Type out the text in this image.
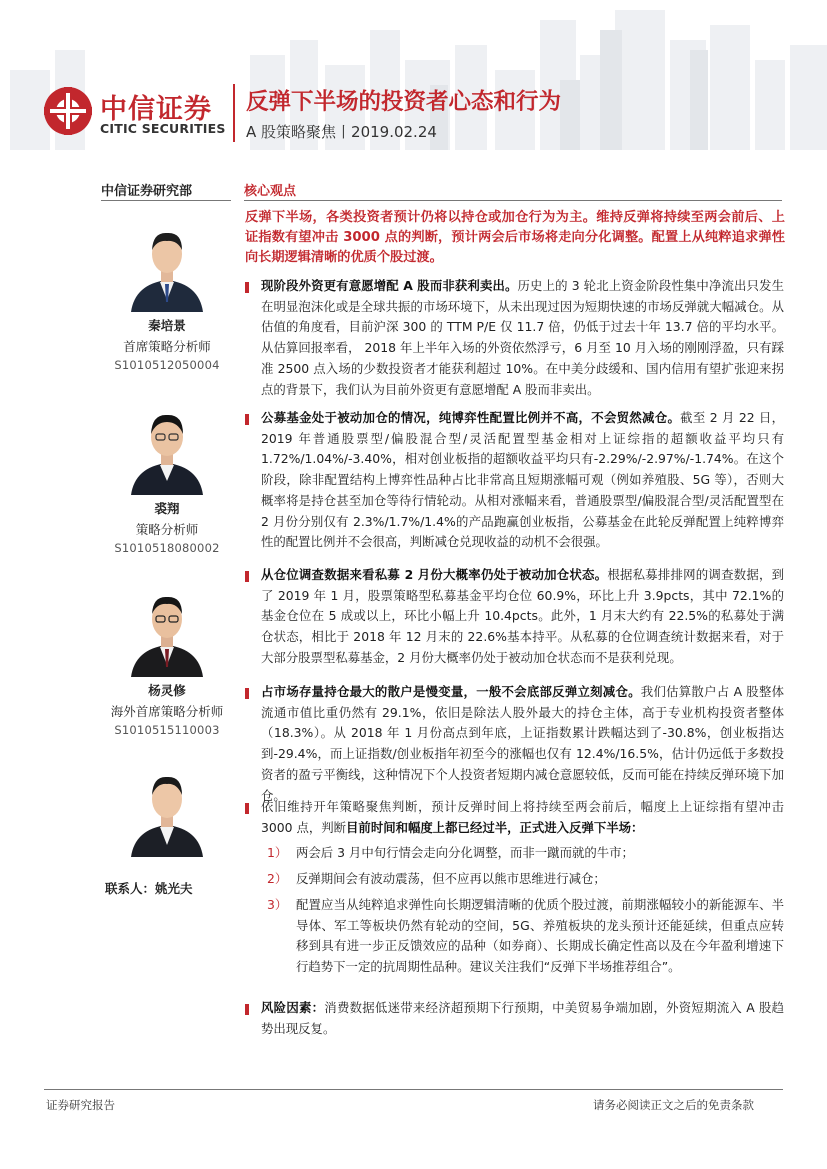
中信证券
CITIC SECURITIES
反弹下半场的投资者心态和行为
A 股策略聚焦丨2019.02.24
中信证券研究部	核心观点
秦培景
首席策略分析师
S1010512050004
裘翔
策略分析师
S1010518080002
杨灵修
海外首席策略分析师
S1010515110003
联系人：姚光夫
反弹下半场，各类投资者预计仍将以持仓或加仓行为为主。维持反弹将持续至两会前后、上证指数有望冲击 3000 点的判断，预计两会后市场将走向分化调整。配置上从纯粹追求弹性向长期逻辑清晰的优质个股过渡。
现阶段外资更有意愿增配 A 股而非获利卖出。历史上的 3 轮北上资金阶段性集中净流出只发生在明显泡沫化或是全球共振的市场环境下，从未出现过因为短期快速的市场反弹就大幅减仓。从估值的角度看，目前沪深 300 的 TTM P/E 仅 11.7 倍，仍低于过去十年 13.7 倍的平均水平。从估算回报率看， 2018 年上半年入场的外资依然浮亏，6 月至 10 月入场的刚刚浮盈，只有踩准 2500 点入场的少数投资者才能获利超过 10%。在中美分歧缓和、国内信用有望扩张迎来拐点的背景下，我们认为目前外资更有意愿增配 A 股而非卖出。
公募基金处于被动加仓的情况，纯博弈性配置比例并不高，不会贸然减仓。截至 2 月 22 日，2019 年普通股票型/偏股混合型/灵活配置型基金相对上证综指的超额收益平均只有 1.72%/1.04%/-3.40%，相对创业板指的超额收益平均只有-2.29%/-2.97%/-1.74%。在这个阶段，除非配置结构上博弈性品种占比非常高且短期涨幅可观（例如养殖股、5G 等），否则大概率将是持仓甚至加仓等待行情轮动。从相对涨幅来看，普通股票型/偏股混合型/灵活配置型在 2 月份分别仅有 2.3%/1.7%/1.4%的产品跑赢创业板指，公募基金在此轮反弹配置上纯粹博弈性的配置比例并不会很高，判断减仓兑现收益的动机不会很强。
从仓位调查数据来看私募 2 月份大概率仍处于被动加仓状态。根据私募排排网的调查数据，到了 2019 年 1 月，股票策略型私募基金平均仓位 60.9%，环比上升 3.9pcts，其中 72.1%的基金仓位在 5 成或以上，环比小幅上升 10.4pcts。此外，1 月末大约有 22.5%的私募处于满仓状态，相比于 2018 年 12 月末的 22.6%基本持平。从私募的仓位调查统计数据来看，对于大部分股票型私募基金，2 月份大概率仍处于被动加仓状态而不是获利兑现。
占市场存量持仓最大的散户是慢变量，一般不会底部反弹立刻减仓。我们估算散户占 A 股整体流通市值比重仍然有 29.1%，依旧是除法人股外最大的持仓主体，高于专业机构投资者整体（18.3%）。从 2018 年 1 月份高点到年底，上证指数累计跌幅达到了-30.8%，创业板指达到-29.4%，而上证指数/创业板指年初至今的涨幅也仅有 12.4%/16.5%，估计仍远低于多数投资者的盈亏平衡线，这种情况下个人投资者短期内减仓意愿较低，反而可能在持续反弹环境下加仓。
依旧维持开年策略聚焦判断，预计反弹时间上将持续至两会前后，幅度上上证综指有望冲击 3000 点，判断目前时间和幅度上都已经过半，正式进入反弹下半场：
1） 两会后 3 月中旬行情会走向分化调整，而非一蹴而就的牛市；
2） 反弹期间会有波动震荡，但不应再以熊市思维进行减仓；
3） 配置应当从纯粹追求弹性向长期逻辑清晰的优质个股过渡，前期涨幅较小的新能源车、半导体、军工等板块仍然有轮动的空间，5G、养殖板块的龙头预计还能延续，但重点应转移到具有进一步正反馈效应的品种（如券商）、长期成长确定性高以及在今年盈利增速下行趋势下一定的抗周期性品种。建议关注我们“反弹下半场推荐组合”。
风险因素：消费数据低迷带来经济超预期下行预期，中美贸易争端加剧，外资短期流入 A 股趋势出现反复。
证券研究报告	请务必阅读正文之后的免责条款
